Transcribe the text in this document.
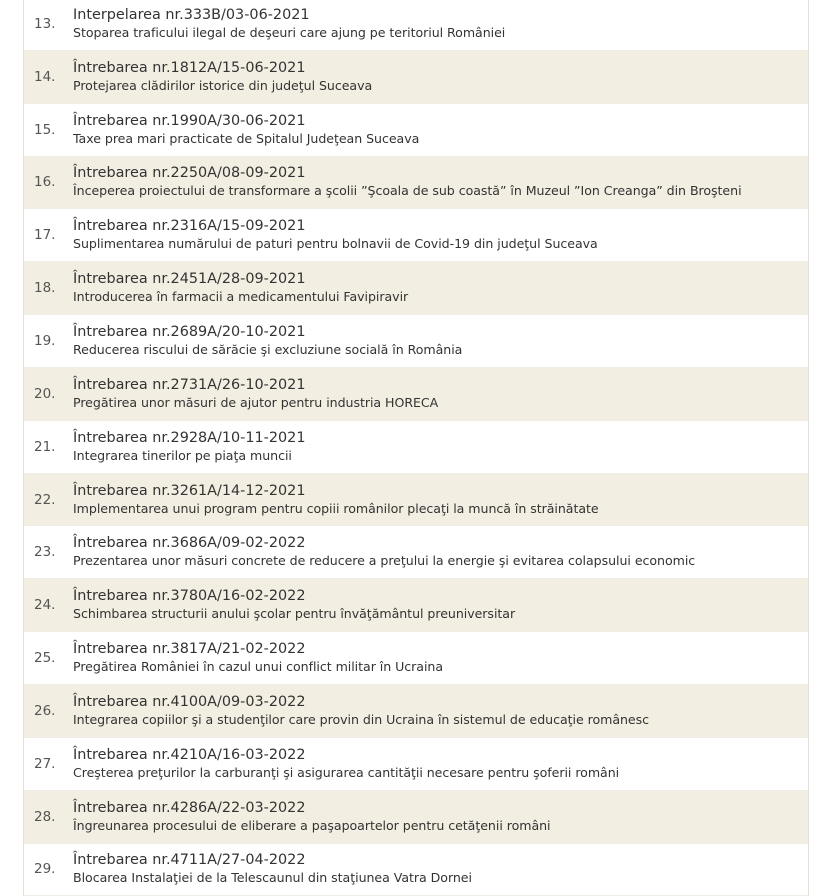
13.
Interpelarea nr.333B/03-06-2021
Stoparea traficului ilegal de deşeuri care ajung pe teritoriul României
14.
Întrebarea nr.1812A/15-06-2021
Protejarea clădirilor istorice din judeţul Suceava
15.
Întrebarea nr.1990A/30-06-2021
Taxe prea mari practicate de Spitalul Judeţean Suceava
16.
Întrebarea nr.2250A/08-09-2021
Începerea proiectului de transformare a şcolii ”Şcoala de sub coastă” în Muzeul ”Ion Creanga” din Broşteni
17.
Întrebarea nr.2316A/15-09-2021
Suplimentarea numărului de paturi pentru bolnavii de Covid-19 din judeţul Suceava
18.
Întrebarea nr.2451A/28-09-2021
Introducerea în farmacii a medicamentului Favipiravir
19.
Întrebarea nr.2689A/20-10-2021
Reducerea riscului de sărăcie şi excluziune socială în România
20.
Întrebarea nr.2731A/26-10-2021
Pregătirea unor măsuri de ajutor pentru industria HORECA
21.
Întrebarea nr.2928A/10-11-2021
Integrarea tinerilor pe piaţa muncii
22.
Întrebarea nr.3261A/14-12-2021
Implementarea unui program pentru copiii românilor plecaţi la muncă în străinătate
23.
Întrebarea nr.3686A/09-02-2022
Prezentarea unor măsuri concrete de reducere a preţului la energie şi evitarea colapsului economic
24.
Întrebarea nr.3780A/16-02-2022
Schimbarea structurii anului şcolar pentru învăţământul preuniversitar
25.
Întrebarea nr.3817A/21-02-2022
Pregătirea României în cazul unui conflict militar în Ucraina
26.
Întrebarea nr.4100A/09-03-2022
Integrarea copiilor şi a studenţilor care provin din Ucraina în sistemul de educaţie românesc
27.
Întrebarea nr.4210A/16-03-2022
Creşterea preţurilor la carburanţi şi asigurarea cantităţii necesare pentru şoferii români
28.
Întrebarea nr.4286A/22-03-2022
Îngreunarea procesului de eliberare a paşapoartelor pentru cetăţenii români
29.
Întrebarea nr.4711A/27-04-2022
Blocarea Instalaţiei de la Telescaunul din staţiunea Vatra Dornei
